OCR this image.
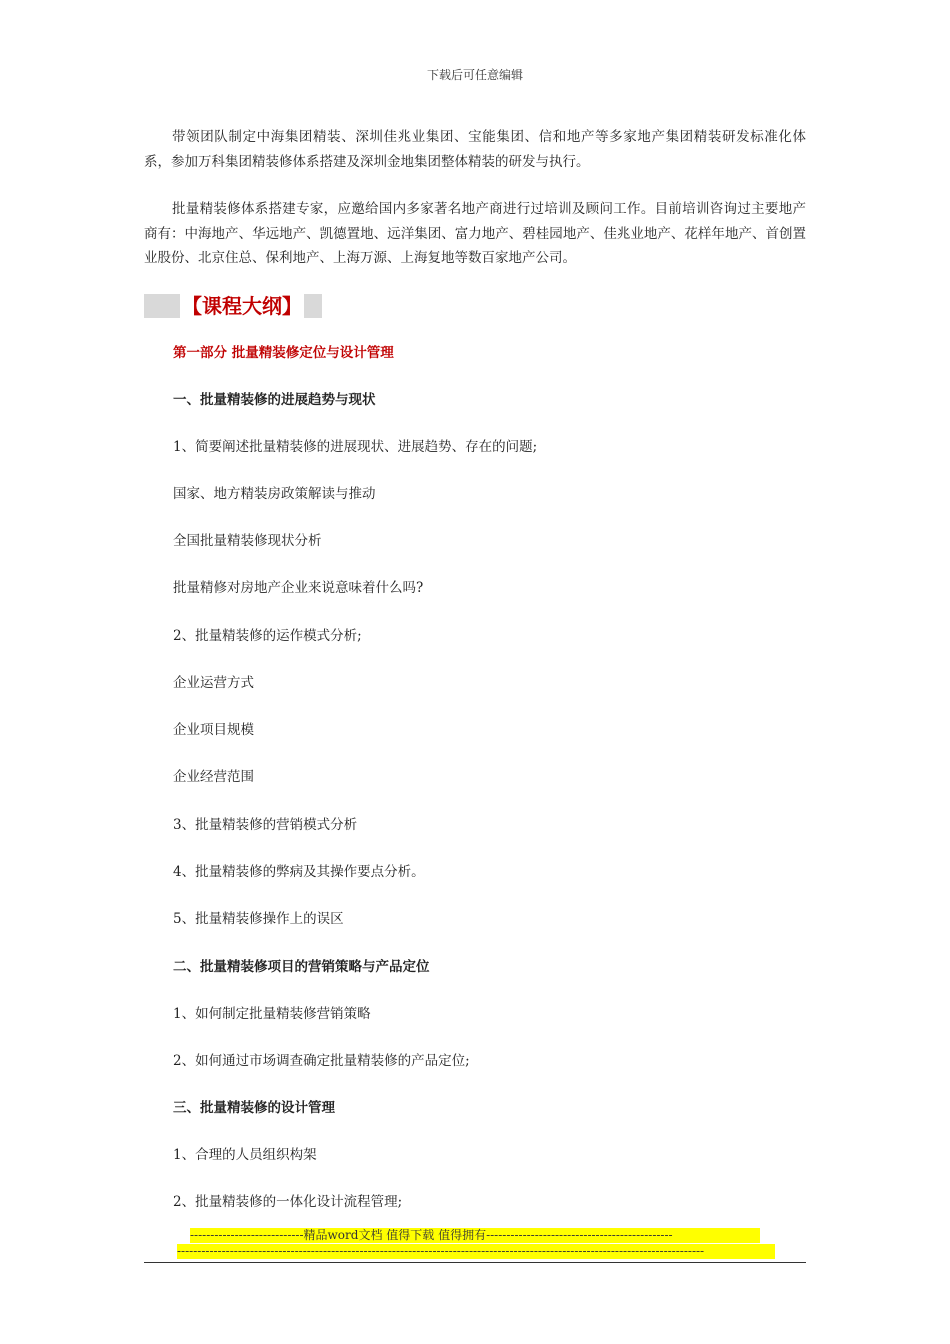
下载后可任意编辑

带领团队制定中海集团精装、深圳佳兆业集团、宝能集团、信和地产等多家地产集团精装研发标准化体系，参加万科集团精装修体系搭建及深圳金地集团整体精装的研发与执行。

批量精装修体系搭建专家，应邀给国内多家著名地产商进行过培训及顾问工作。目前培训咨询过主要地产商有：中海地产、华远地产、凯德置地、远洋集团、富力地产、碧桂园地产、佳兆业地产、花样年地产、首创置业股份、北京住总、保利地产、上海万源、上海复地等数百家地产公司。

【课程大纲】

第一部分 批量精装修定位与设计管理

一、批量精装修的进展趋势与现状

1、简要阐述批量精装修的进展现状、进展趋势、存在的问题;

国家、地方精装房政策解读与推动

全国批量精装修现状分析

批量精修对房地产企业来说意味着什么吗?

2、批量精装修的运作模式分析;

企业运营方式

企业项目规模

企业经营范围

3、批量精装修的营销模式分析

4、批量精装修的弊病及其操作要点分析。

5、批量精装修操作上的误区

二、批量精装修项目的营销策略与产品定位

1、如何制定批量精装修营销策略

2、如何通过市场调查确定批量精装修的产品定位;

三、批量精装修的设计管理

1、合理的人员组织构架

2、批量精装修的一体化设计流程管理;

----------------------------精品word文档 值得下载 值得拥有----------------------------------------------
----------------------------------------------------------------------------------------------------------------------------------
